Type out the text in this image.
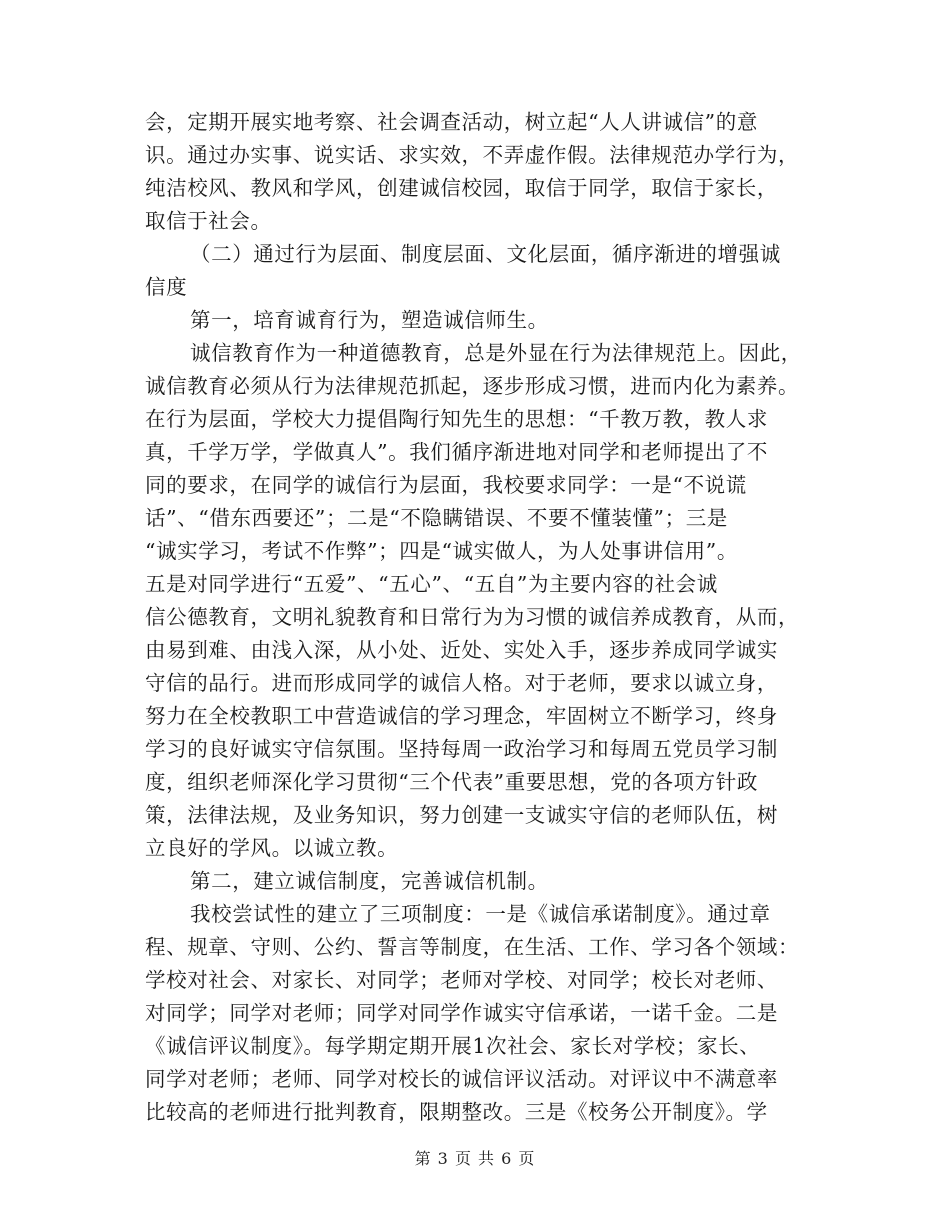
会，定期开展实地考察、社会调查活动，树立起“人人讲诚信”的意
识。通过办实事、说实话、求实效，不弄虚作假。法律规范办学行为，
纯洁校风、教风和学风，创建诚信校园，取信于同学，取信于家长，
取信于社会。
（二）通过行为层面、制度层面、文化层面，循序渐进的增强诚
信度
第一，培育诚育行为，塑造诚信师生。
诚信教育作为一种道德教育，总是外显在行为法律规范上。因此，
诚信教育必须从行为法律规范抓起，逐步形成习惯，进而内化为素养。
在行为层面，学校大力提倡陶行知先生的思想：“千教万教，教人求
真，千学万学，学做真人”。我们循序渐进地对同学和老师提出了不
同的要求，在同学的诚信行为层面，我校要求同学：一是“不说谎
话”、“借东西要还”；二是“不隐瞒错误、不要不懂装懂”；三是
“诚实学习，考试不作弊”；四是“诚实做人，为人处事讲信用”。
五是对同学进行“五爱”、“五心”、“五自”为主要内容的社会诚
信公德教育，文明礼貌教育和日常行为为习惯的诚信养成教育，从而，
由易到难、由浅入深，从小处、近处、实处入手，逐步养成同学诚实
守信的品行。进而形成同学的诚信人格。对于老师，要求以诚立身，
努力在全校教职工中营造诚信的学习理念，牢固树立不断学习，终身
学习的良好诚实守信氛围。坚持每周一政治学习和每周五党员学习制
度，组织老师深化学习贯彻“三个代表”重要思想，党的各项方针政
策，法律法规，及业务知识，努力创建一支诚实守信的老师队伍，树
立良好的学风。以诚立教。
第二，建立诚信制度，完善诚信机制。
我校尝试性的建立了三项制度：一是《诚信承诺制度》。通过章
程、规章、守则、公约、誓言等制度，在生活、工作、学习各个领域：
学校对社会、对家长、对同学；老师对学校、对同学；校长对老师、
对同学；同学对老师；同学对同学作诚实守信承诺，一诺千金。二是
《诚信评议制度》。每学期定期开展1次社会、家长对学校；家长、
同学对老师；老师、同学对校长的诚信评议活动。对评议中不满意率
比较高的老师进行批判教育，限期整改。三是《校务公开制度》。学
第 3 页 共 6 页
